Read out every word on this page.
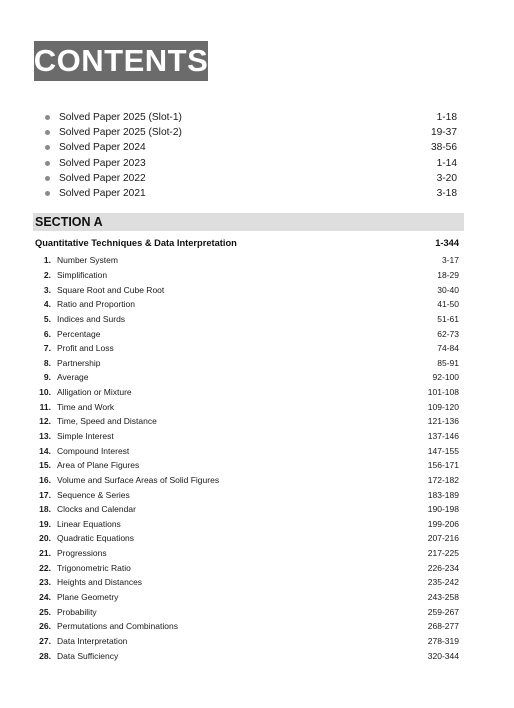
CONTENTS
Solved Paper 2025 (Slot-1)	1-18
Solved Paper 2025 (Slot-2)	19-37
Solved Paper 2024	38-56
Solved Paper 2023	1-14
Solved Paper 2022	3-20
Solved Paper 2021	3-18
SECTION A
Quantitative Techniques & Data Interpretation	1-344
1. Number System	3-17
2. Simplification	18-29
3. Square Root and Cube Root	30-40
4. Ratio and Proportion	41-50
5. Indices and Surds	51-61
6. Percentage	62-73
7. Profit and Loss	74-84
8. Partnership	85-91
9. Average	92-100
10. Alligation or Mixture	101-108
11. Time and Work	109-120
12. Time, Speed and Distance	121-136
13. Simple Interest	137-146
14. Compound Interest	147-155
15. Area of Plane Figures	156-171
16. Volume and Surface Areas of Solid Figures	172-182
17. Sequence & Series	183-189
18. Clocks and Calendar	190-198
19. Linear Equations	199-206
20. Quadratic Equations	207-216
21. Progressions	217-225
22. Trigonometric Ratio	226-234
23. Heights and Distances	235-242
24. Plane Geometry	243-258
25. Probability	259-267
26. Permutations and Combinations	268-277
27. Data Interpretation	278-319
28. Data Sufficiency	320-344
